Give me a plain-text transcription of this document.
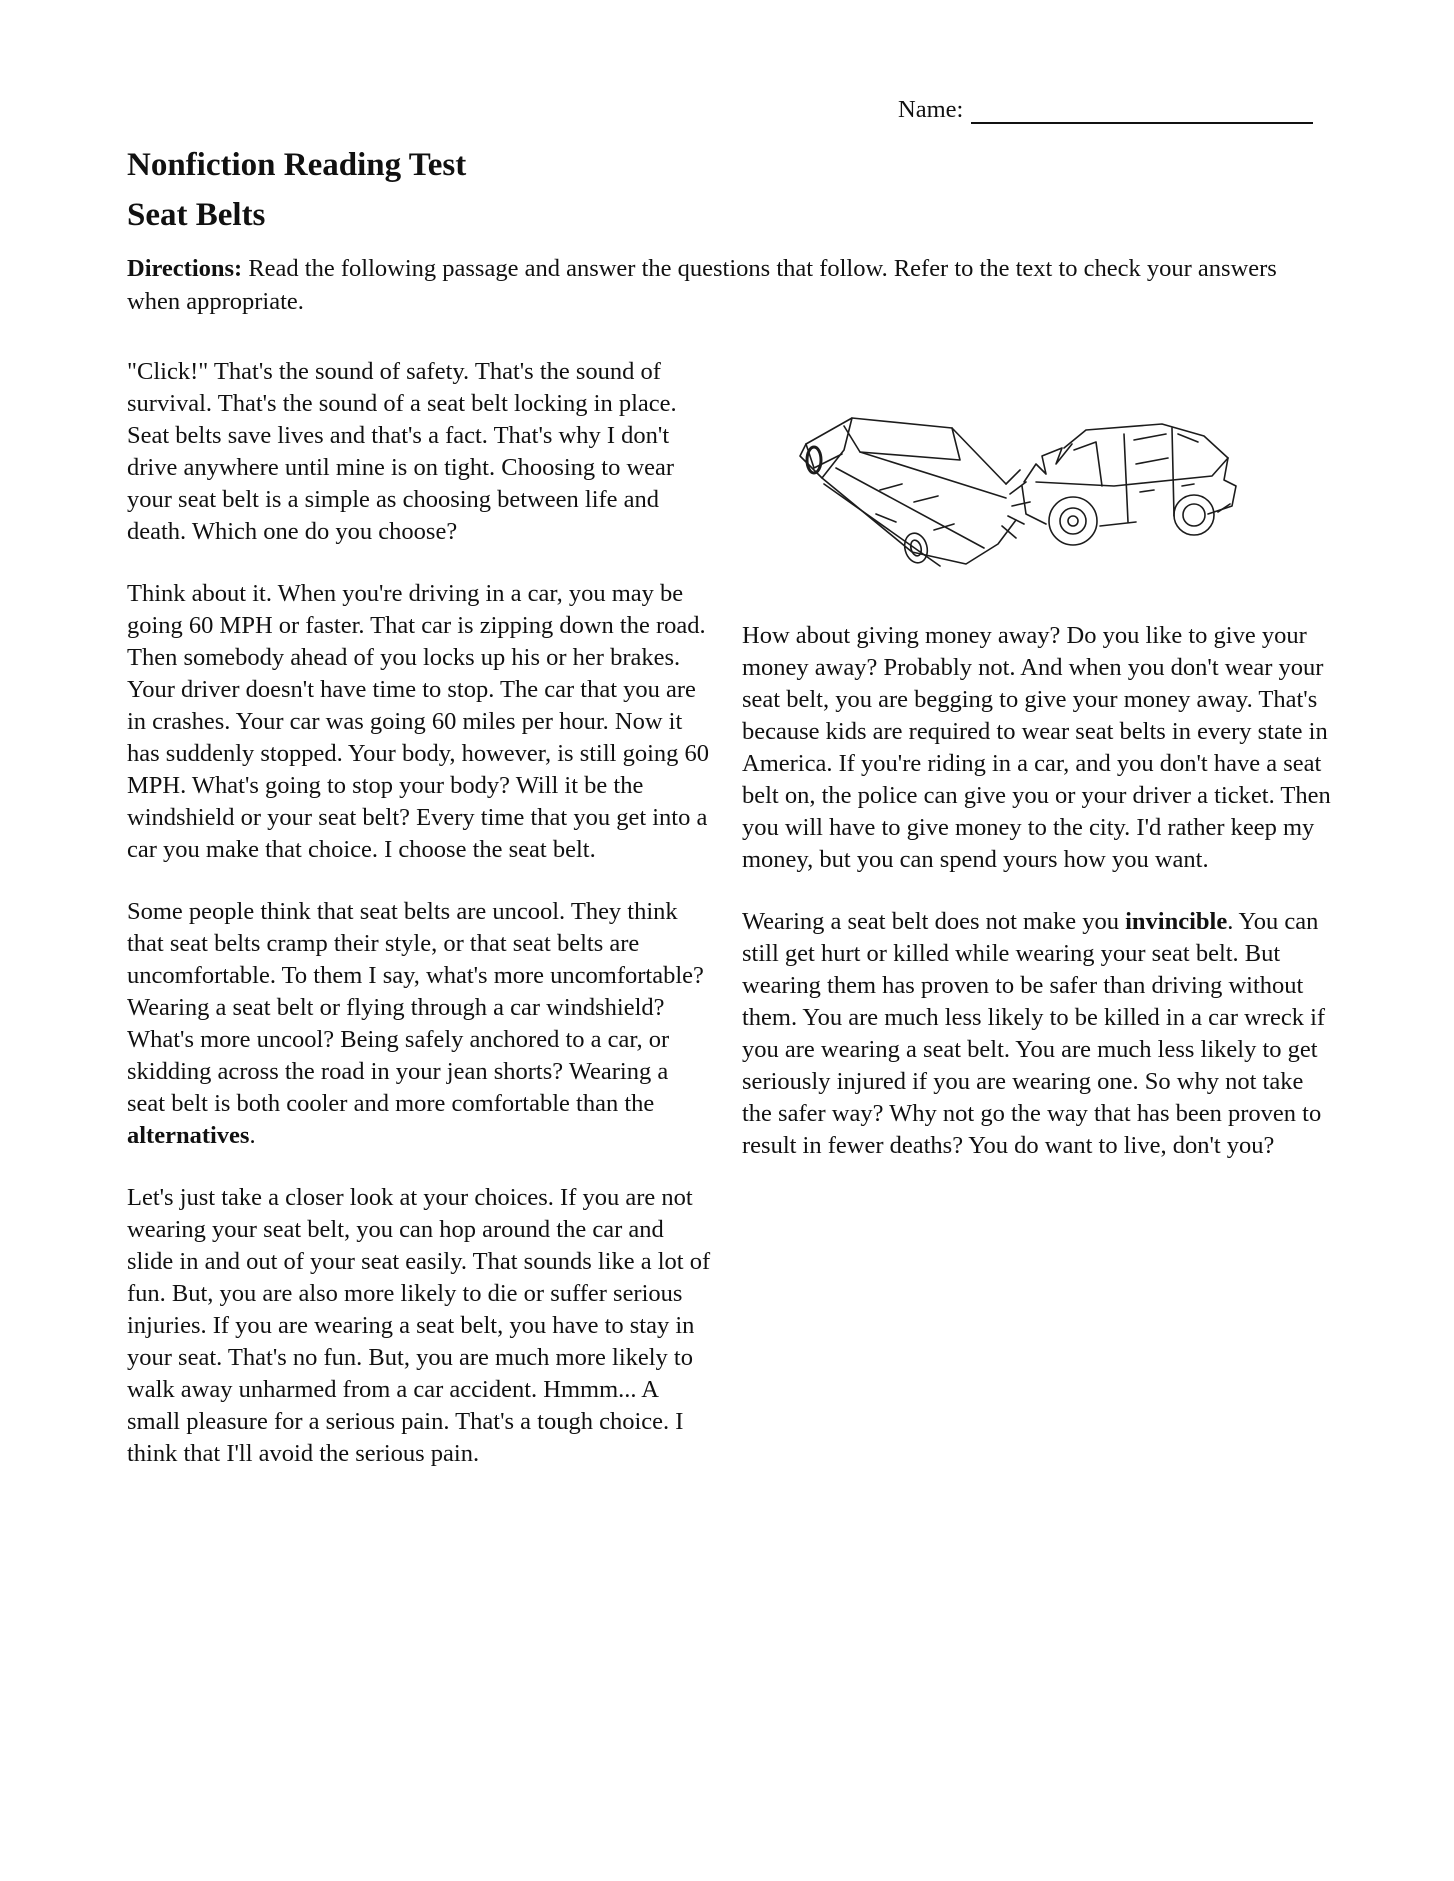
Name:
Nonfiction Reading Test
Seat Belts

Directions: Read the following passage and answer the questions that follow. Refer to the text to check your answers when appropriate.

"Click!" That's the sound of safety. That's the sound of survival. That's the sound of a seat belt locking in place. Seat belts save lives and that's a fact. That's why I don't drive anywhere until mine is on tight. Choosing to wear your seat belt is a simple as choosing between life and death. Which one do you choose?

Think about it. When you're driving in a car, you may be going 60 MPH or faster. That car is zipping down the road. Then somebody ahead of you locks up his or her brakes. Your driver doesn't have time to stop. The car that you are in crashes. Your car was going 60 miles per hour. Now it has suddenly stopped. Your body, however, is still going 60 MPH. What's going to stop your body? Will it be the windshield or your seat belt? Every time that you get into a car you make that choice. I choose the seat belt.

Some people think that seat belts are uncool. They think that seat belts cramp their style, or that seat belts are uncomfortable. To them I say, what's more uncomfortable? Wearing a seat belt or flying through a car windshield? What's more uncool? Being safely anchored to a car, or skidding across the road in your jean shorts? Wearing a seat belt is both cooler and more comfortable than the alternatives.

Let's just take a closer look at your choices. If you are not wearing your seat belt, you can hop around the car and slide in and out of your seat easily. That sounds like a lot of fun. But, you are also more likely to die or suffer serious injuries. If you are wearing a seat belt, you have to stay in your seat. That's no fun. But, you are much more likely to walk away unharmed from a car accident. Hmmm... A small pleasure for a serious pain. That's a tough choice. I think that I'll avoid the serious pain.

How about giving money away? Do you like to give your money away? Probably not. And when you don't wear your seat belt, you are begging to give your money away. That's because kids are required to wear seat belts in every state in America. If you're riding in a car, and you don't have a seat belt on, the police can give you or your driver a ticket. Then you will have to give money to the city. I'd rather keep my money, but you can spend yours how you want.

Wearing a seat belt does not make you invincible. You can still get hurt or killed while wearing your seat belt. But wearing them has proven to be safer than driving without them. You are much less likely to be killed in a car wreck if you are wearing a seat belt. You are much less likely to get seriously injured if you are wearing one. So why not take the safer way? Why not go the way that has been proven to result in fewer deaths? You do want to live, don't you?
